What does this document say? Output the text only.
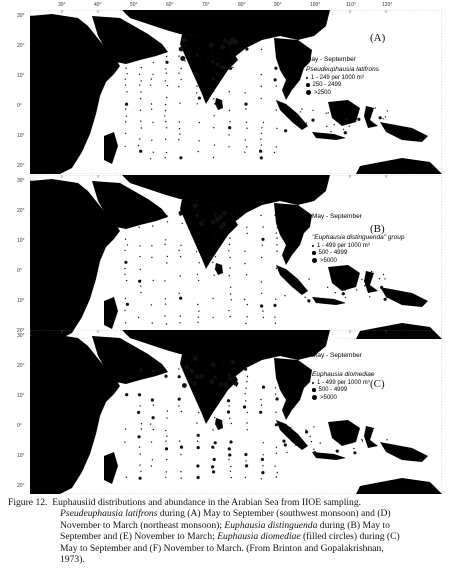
(A)
May - September
Pseudeuphausia latifrons
1 - 249 per 1000 m³
250 - 2499
>2500
(B)
May - September
"Euphausia distinguenda" group
1 - 499 per 1000 m³
500 - 4999
>5000
(C)
May - September
Euphausia diomediae
1 - 499 per 1000 m³
500 - 4999
>5000
30°	40°	50°	60°	70°	80°	90°	100°	110°	120°
30°
20°
10°
0°
10°
20°
30°
20°
10°
0°
10°
20°
30°
20°
10°
0°
10°
20°
Figure 12. Euphausiid distributions and abundance in the Arabian Sea from IIOE sampling.
Pseudeuphausia latifrons during (A) May to September (southwest monsoon) and (D)
November to March (northeast monsoon); Euphausia distinguenda during (B) May to
September and (E) November to March; Euphausia diomediae (filled circles) during (C)
May to September and (F) November to March. (From Brinton and Gopalakrishnan,
1973).
